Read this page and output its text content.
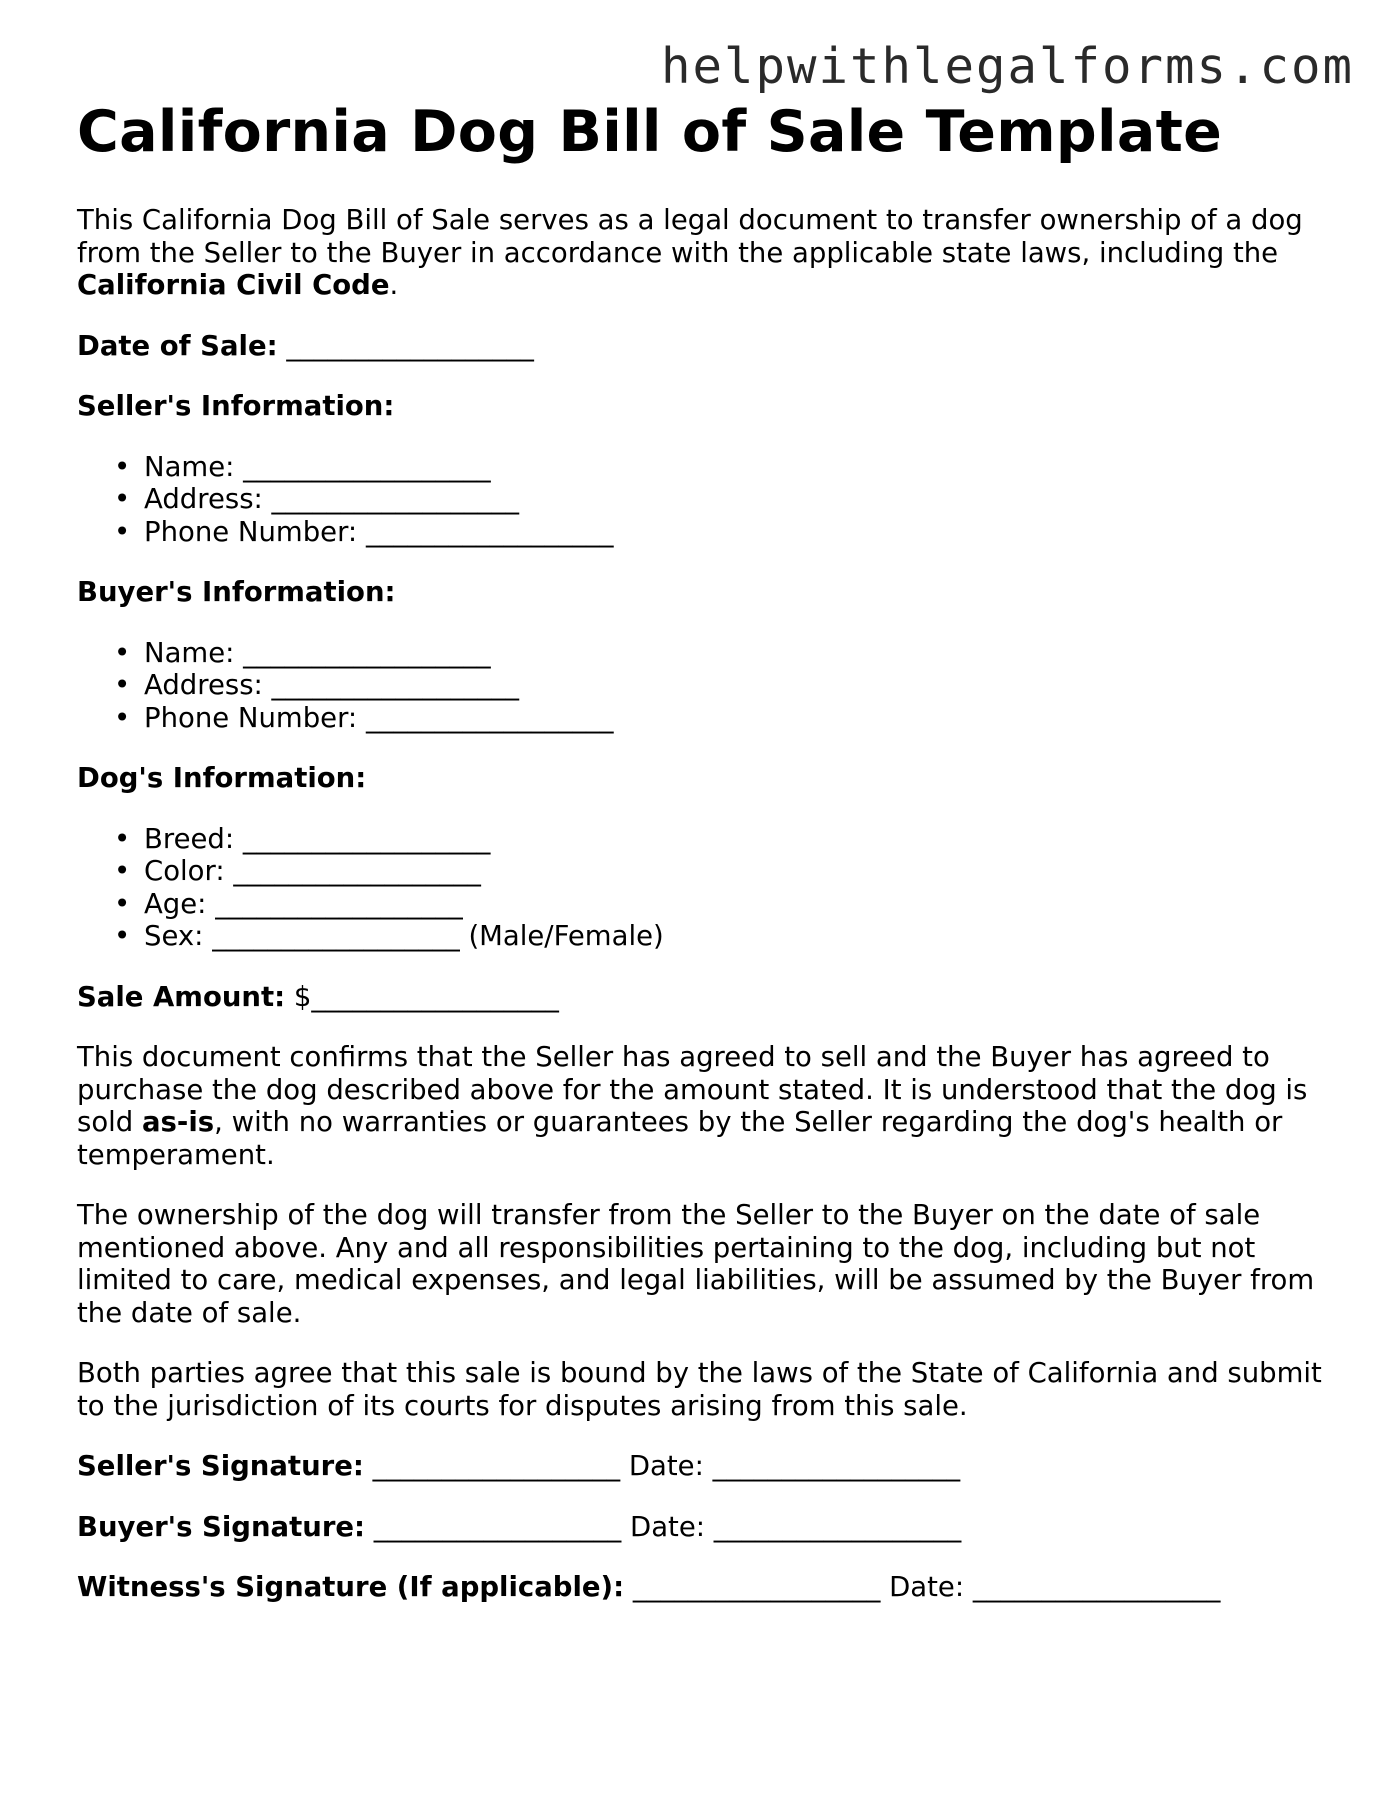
helpwithlegalforms.com
California Dog Bill of Sale Template

This California Dog Bill of Sale serves as a legal document to transfer ownership of a dog from the Seller to the Buyer in accordance with the applicable state laws, including the California Civil Code.

Date of Sale: __________________

Seller's Information:

• Name: __________________
• Address: __________________
• Phone Number: __________________

Buyer's Information:

• Name: __________________
• Address: __________________
• Phone Number: __________________

Dog's Information:

• Breed: __________________
• Color: __________________
• Age: __________________
• Sex: __________________ (Male/Female)

Sale Amount: $__________________

This document confirms that the Seller has agreed to sell and the Buyer has agreed to purchase the dog described above for the amount stated. It is understood that the dog is sold as-is, with no warranties or guarantees by the Seller regarding the dog's health or temperament.

The ownership of the dog will transfer from the Seller to the Buyer on the date of sale mentioned above. Any and all responsibilities pertaining to the dog, including but not limited to care, medical expenses, and legal liabilities, will be assumed by the Buyer from the date of sale.

Both parties agree that this sale is bound by the laws of the State of California and submit to the jurisdiction of its courts for disputes arising from this sale.

Seller's Signature: __________________ Date: __________________

Buyer's Signature: __________________ Date: __________________

Witness's Signature (If applicable): __________________ Date: __________________
